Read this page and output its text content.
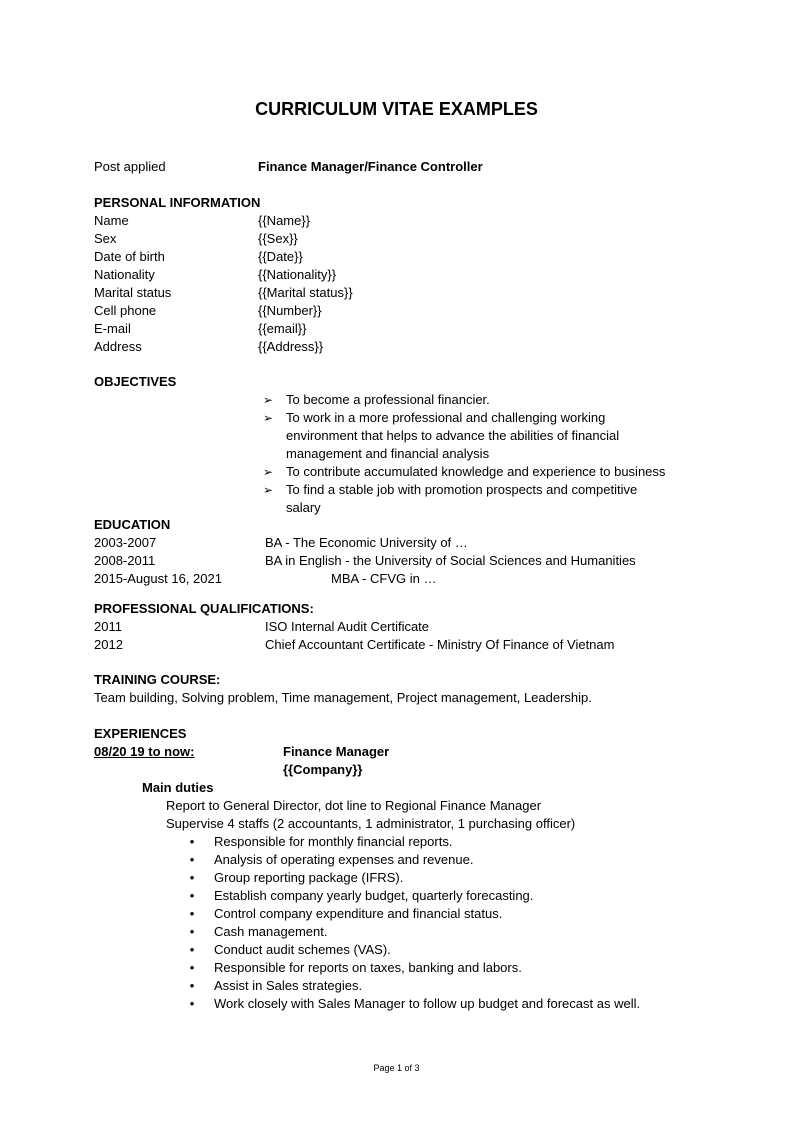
CURRICULUM VITAE EXAMPLES
Post applied	Finance Manager/Finance Controller
PERSONAL INFORMATION
Name	{{Name}}
Sex	{{Sex}}
Date of birth	{{Date}}
Nationality	{{Nationality}}
Marital status	{{Marital status}}
Cell phone	{{Number}}
E-mail	{{email}}
Address	{{Address}}
OBJECTIVES
➢ To become a professional financier.
➢ To work in a more professional and challenging working
environment that helps to advance the abilities of financial
management and financial analysis
➢ To contribute accumulated knowledge and experience to business
➢ To find a stable job with promotion prospects and competitive
salary
EDUCATION
2003-2007	BA - The Economic University of …
2008-2011	BA in English - the University of Social Sciences and Humanities
2015-August 16, 2021	MBA - CFVG in …
PROFESSIONAL QUALIFICATIONS:
2011	ISO Internal Audit Certificate
2012	Chief Accountant Certificate - Ministry Of Finance of Vietnam
TRAINING COURSE:
Team building, Solving problem, Time management, Project management, Leadership.
EXPERIENCES
08/20 19 to now:	Finance Manager
{{Company}}
Main duties
Report to General Director, dot line to Regional Finance Manager
Supervise 4 staffs (2 accountants, 1 administrator, 1 purchasing officer)
•	Responsible for monthly financial reports.
•	Analysis of operating expenses and revenue.
•	Group reporting package (IFRS).
•	Establish company yearly budget, quarterly forecasting.
•	Control company expenditure and financial status.
•	Cash management.
•	Conduct audit schemes (VAS).
•	Responsible for reports on taxes, banking and labors.
•	Assist in Sales strategies.
•	Work closely with Sales Manager to follow up budget and forecast as well.
Page 1 of 3
